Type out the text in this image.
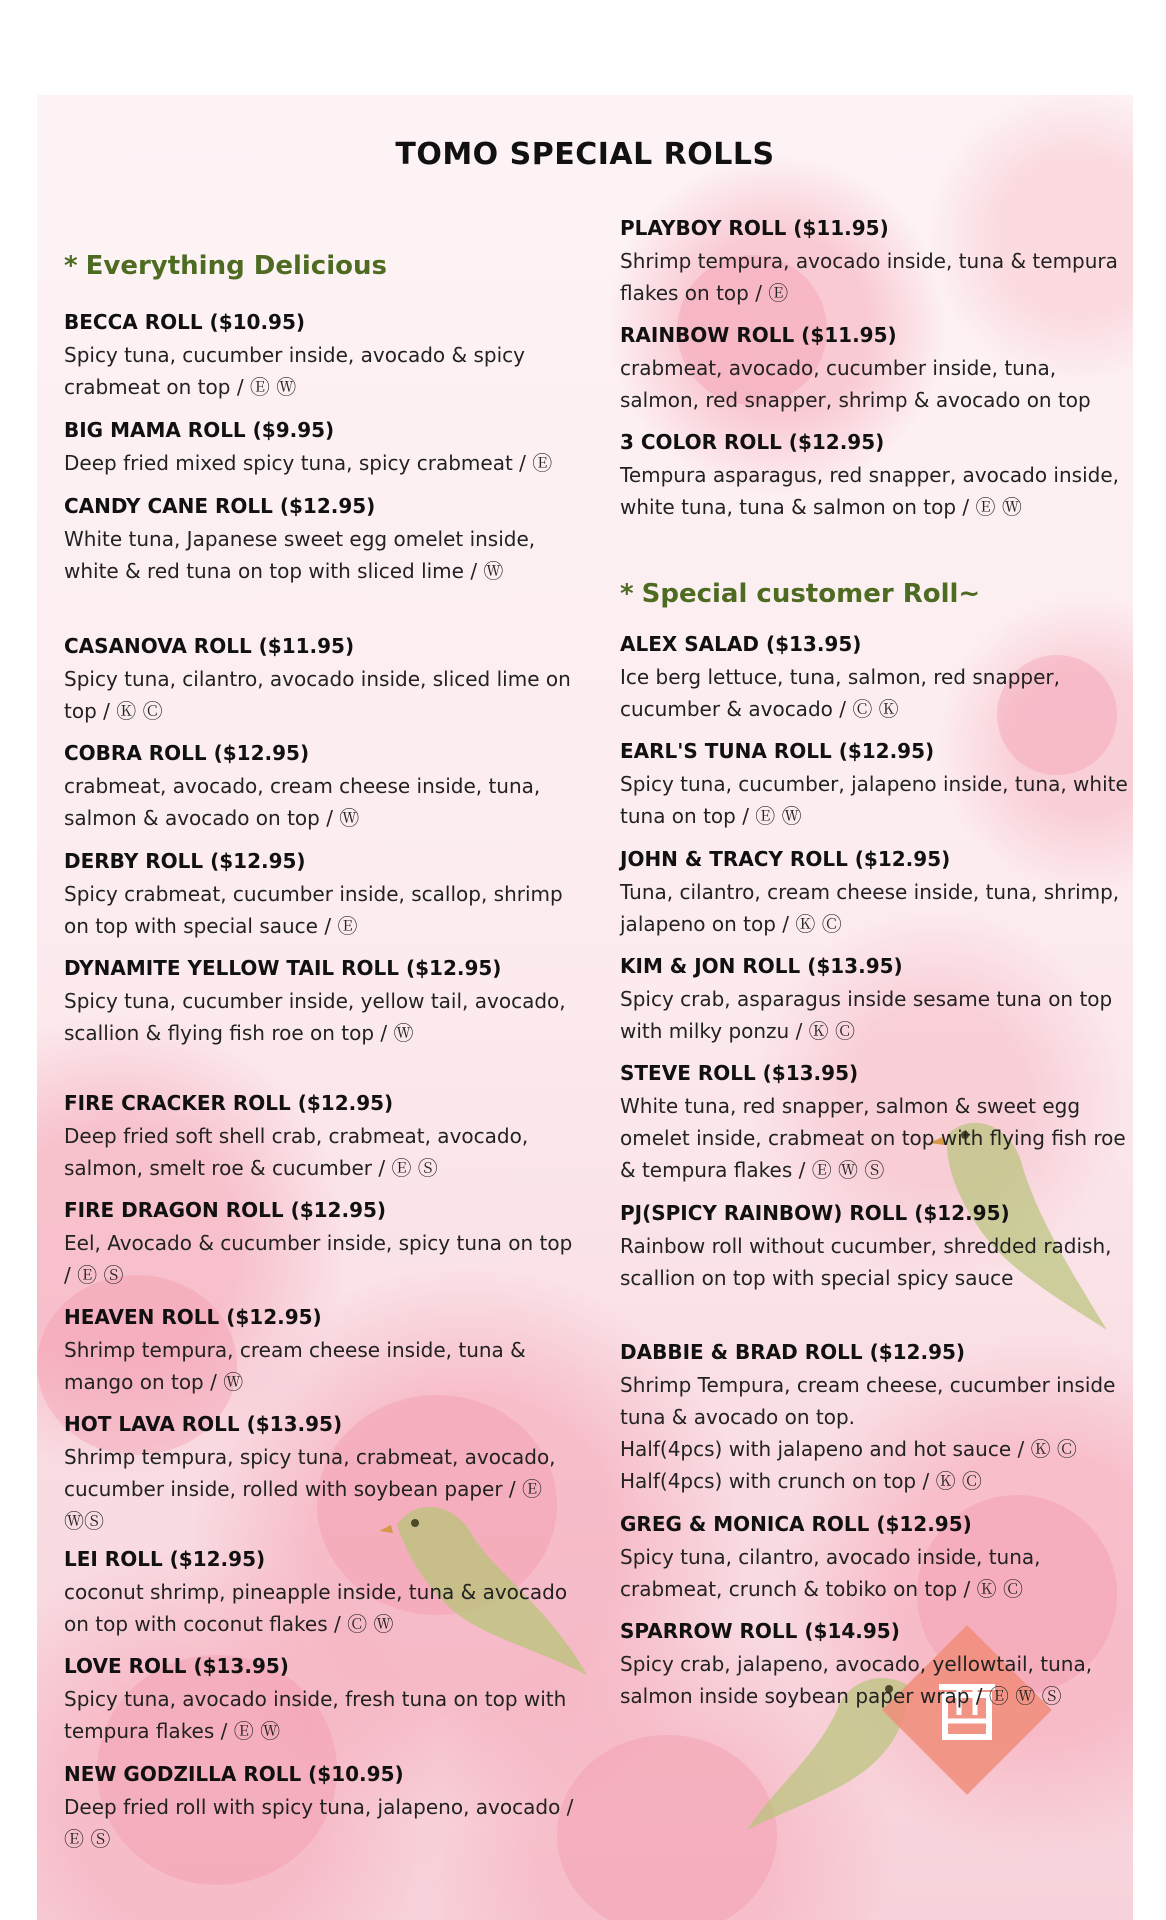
TOMO SPECIAL ROLLS
* Everything Delicious
BECCA ROLL ($10.95)
Spicy tuna, cucumber inside, avocado & spicy crabmeat on top / Ⓔ Ⓦ
BIG MAMA ROLL ($9.95)
Deep fried mixed spicy tuna, spicy crabmeat / Ⓔ
CANDY CANE ROLL ($12.95)
White tuna, Japanese sweet egg omelet inside, white & red tuna on top with sliced lime / Ⓦ
CASANOVA ROLL ($11.95)
Spicy tuna, cilantro, avocado inside, sliced lime on top / Ⓚ Ⓒ
COBRA ROLL ($12.95)
crabmeat, avocado, cream cheese inside, tuna, salmon & avocado on top / Ⓦ
DERBY ROLL ($12.95)
Spicy crabmeat, cucumber inside, scallop, shrimp on top with special sauce / Ⓔ
DYNAMITE YELLOW TAIL ROLL ($12.95)
Spicy tuna, cucumber inside, yellow tail, avocado, scallion & flying fish roe on top / Ⓦ
FIRE CRACKER ROLL ($12.95)
Deep fried soft shell crab, crabmeat, avocado, salmon, smelt roe & cucumber / Ⓔ Ⓢ
FIRE DRAGON ROLL ($12.95)
Eel, Avocado & cucumber inside, spicy tuna on top / Ⓔ Ⓢ
HEAVEN ROLL ($12.95)
Shrimp tempura, cream cheese inside, tuna & mango on top / Ⓦ
HOT LAVA ROLL ($13.95)
Shrimp tempura, spicy tuna, crabmeat, avocado, cucumber inside, rolled with soybean paper / Ⓔ ⓌⓈ
LEI ROLL ($12.95)
coconut shrimp, pineapple inside, tuna & avocado on top with coconut flakes / Ⓒ Ⓦ
LOVE ROLL ($13.95)
Spicy tuna, avocado inside, fresh tuna on top with tempura flakes / Ⓔ Ⓦ
NEW GODZILLA ROLL ($10.95)
Deep fried roll with spicy tuna, jalapeno, avocado / Ⓔ Ⓢ
PLAYBOY ROLL ($11.95)
Shrimp tempura, avocado inside, tuna & tempura flakes on top / Ⓔ
RAINBOW ROLL ($11.95)
crabmeat, avocado, cucumber inside, tuna, salmon, red snapper, shrimp & avocado on top
3 COLOR ROLL ($12.95)
Tempura asparagus, red snapper, avocado inside, white tuna, tuna & salmon on top / Ⓔ Ⓦ
* Special customer Roll~
ALEX SALAD ($13.95)
Ice berg lettuce, tuna, salmon, red snapper, cucumber & avocado / Ⓒ Ⓚ
EARL'S TUNA ROLL ($12.95)
Spicy tuna, cucumber, jalapeno inside, tuna, white tuna on top / Ⓔ Ⓦ
JOHN & TRACY ROLL ($12.95)
Tuna, cilantro, cream cheese inside, tuna, shrimp, jalapeno on top / Ⓚ Ⓒ
KIM & JON ROLL ($13.95)
Spicy crab, asparagus inside sesame tuna on top with milky ponzu / Ⓚ Ⓒ
STEVE ROLL ($13.95)
White tuna, red snapper, salmon & sweet egg omelet inside, crabmeat on top with flying fish roe & tempura flakes / Ⓔ Ⓦ Ⓢ
PJ(SPICY RAINBOW) ROLL ($12.95)
Rainbow roll without cucumber, shredded radish, scallion on top with special spicy sauce
DABBIE & BRAD ROLL ($12.95)
Shrimp Tempura, cream cheese, cucumber inside tuna & avocado on top.
Half(4pcs) with jalapeno and hot sauce / Ⓚ Ⓒ
Half(4pcs) with crunch on top / Ⓚ Ⓒ
GREG & MONICA ROLL ($12.95)
Spicy tuna, cilantro, avocado inside, tuna, crabmeat, crunch & tobiko on top / Ⓚ Ⓒ
SPARROW ROLL ($14.95)
Spicy crab, jalapeno, avocado, yellowtail, tuna, salmon inside soybean paper wrap / Ⓔ Ⓦ Ⓢ
